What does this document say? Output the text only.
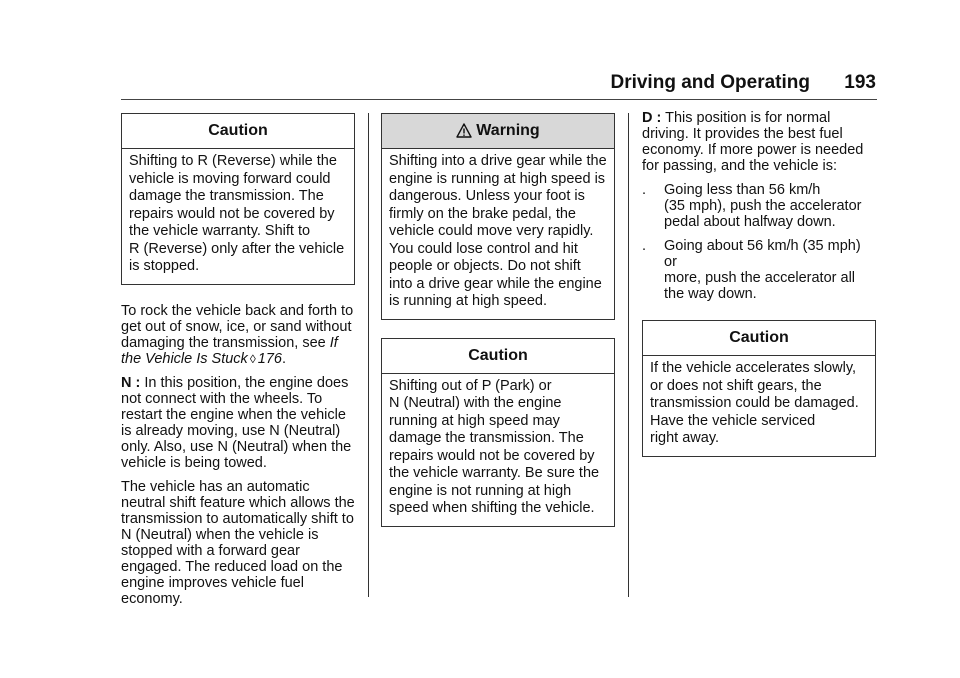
Driving and Operating	193
Caution
Shifting to R (Reverse) while the
vehicle is moving forward could
damage the transmission. The
repairs would not be covered by
the vehicle warranty. Shift to
R (Reverse) only after the vehicle
is stopped.

To rock the vehicle back and forth to
get out of snow, ice, or sand without
damaging the transmission, see If
the Vehicle Is Stuck ◊ 176.

N : In this position, the engine does
not connect with the wheels. To
restart the engine when the vehicle
is already moving, use N (Neutral)
only. Also, use N (Neutral) when the
vehicle is being towed.

The vehicle has an automatic
neutral shift feature which allows the
transmission to automatically shift to
N (Neutral) when the vehicle is
stopped with a forward gear
engaged. The reduced load on the
engine improves vehicle fuel
economy.

Warning
Shifting into a drive gear while the
engine is running at high speed is
dangerous. Unless your foot is
firmly on the brake pedal, the
vehicle could move very rapidly.
You could lose control and hit
people or objects. Do not shift
into a drive gear while the engine
is running at high speed.
Caution
Shifting out of P (Park) or
N (Neutral) with the engine
running at high speed may
damage the transmission. The
repairs would not be covered by
the vehicle warranty. Be sure the
engine is not running at high
speed when shifting the vehicle.

D : This position is for normal
driving. It provides the best fuel
economy. If more power is needed
for passing, and the vehicle is:

.	Going less than 56 km/h
(35 mph), push the accelerator
pedal about halfway down.
.	Going about 56 km/h (35 mph) or
more, push the accelerator all
the way down.
Caution
If the vehicle accelerates slowly,
or does not shift gears, the
transmission could be damaged.
Have the vehicle serviced
right away.
